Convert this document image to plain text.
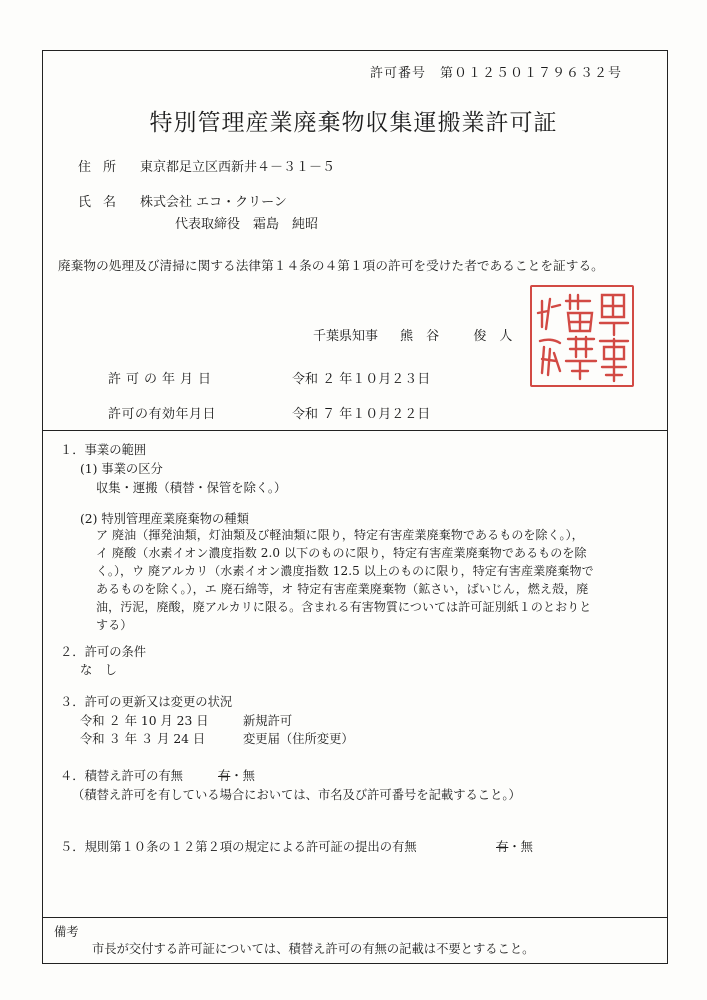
許可番号　第０１２５０１７９６３２号
特別管理産業廃棄物収集運搬業許可証
住所 東京都足立区西新井４－３１－５
氏名 株式会社 エコ・クリーン
代表取締役　霜島　純昭
廃棄物の処理及び清掃に関する法律第１４条の４第１項の許可を受けた者であることを証する。
千葉県知事 熊　谷	俊　人
許可の年月日	令和 ２ 年１０月２３日
許可の有効年月日	令和 ７ 年１０月２２日
１．事業の範囲
(1) 事業の区分
収集・運搬（積替・保管を除く。）
(2) 特別管理産業廃棄物の種類
ア 廃油（揮発油類，灯油類及び軽油類に限り，特定有害産業廃棄物であるものを除く。），
イ 廃酸（水素イオン濃度指数 2.0 以下のものに限り，特定有害産業廃棄物であるものを除
く。），ウ 廃アルカリ（水素イオン濃度指数 12.5 以上のものに限り，特定有害産業廃棄物で
あるものを除く。），エ 廃石綿等，オ 特定有害産業廃棄物（鉱さい，ばいじん，燃え殻，廃
油，汚泥，廃酸，廃アルカリに限る。含まれる有害物質については許可証別紙１のとおりと
する）
２．許可の条件
な　し
３．許可の更新又は変更の状況
令和 ２ 年 10 月 23 日	新規許可
令和 ３ 年 ３ 月 24 日	変更届（住所変更）
４．積替え許可の有無	有・無
（積替え許可を有している場合においては、市名及び許可番号を記載すること。）
５．規則第１０条の１２第２項の規定による許可証の提出の有無	有・無
備考
市長が交付する許可証については、積替え許可の有無の記載は不要とすること。
